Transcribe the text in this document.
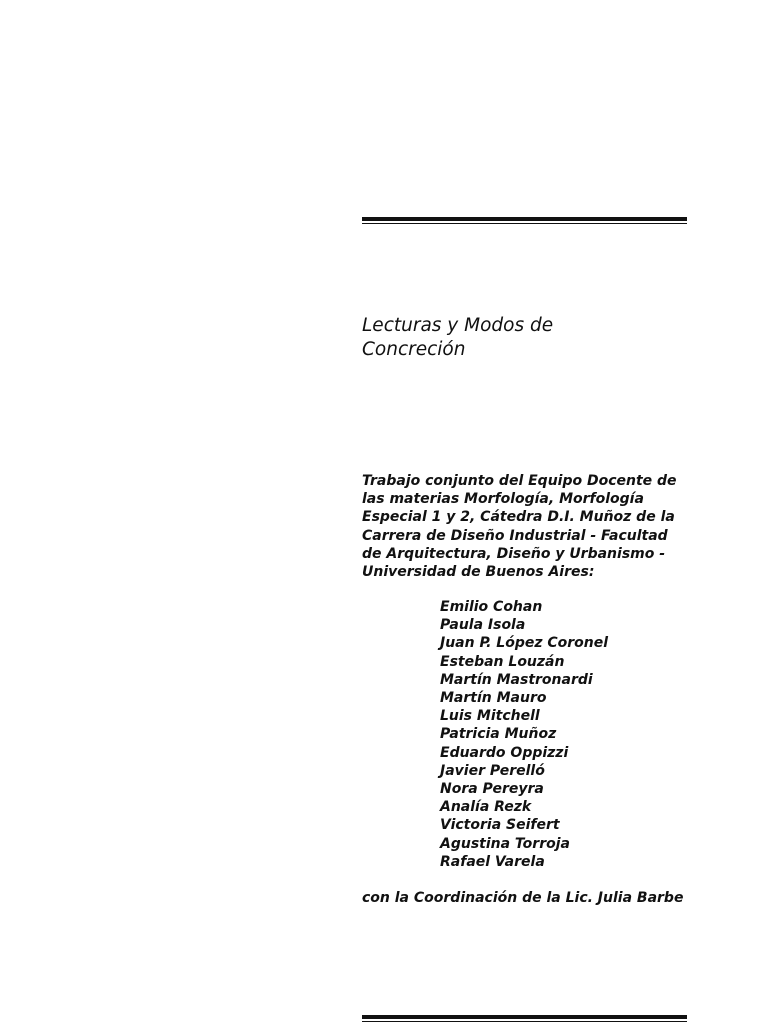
Lecturas y Modos de
Concreción

Trabajo conjunto del Equipo Docente de
las materias Morfología, Morfología
Especial 1 y 2, Cátedra D.I. Muñoz de la
Carrera de Diseño Industrial - Facultad
de Arquitectura, Diseño y Urbanismo -
Universidad de Buenos Aires:

Emilio Cohan
Paula Isola
Juan P. López Coronel
Esteban Louzán
Martín Mastronardi
Martín Mauro
Luis Mitchell
Patricia Muñoz
Eduardo Oppizzi
Javier Perelló
Nora Pereyra
Analía Rezk
Victoria Seifert
Agustina Torroja
Rafael Varela

con la Coordinación de la Lic. Julia Barbe
